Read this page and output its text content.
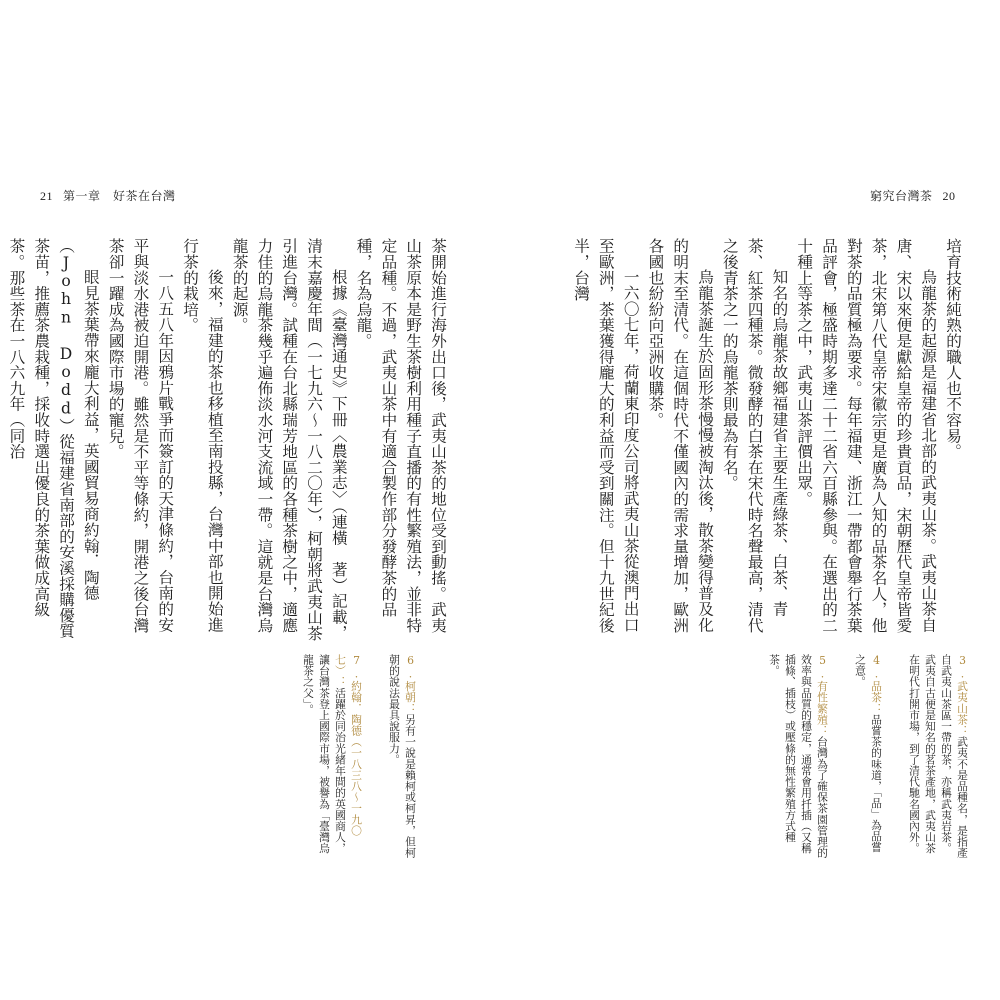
21 第一章　好茶在台灣

茶開始進行海外出口後，武夷山茶的地位受到動搖。武夷山茶原本是野生茶樹利用種子直播的有性繁殖法，並非特定品種。不過，武夷山茶中有適合製作部分發酵茶的品種，名為烏龍。

根據《臺灣通史》下冊〈農業志〉（連橫　著）記載，清末嘉慶年間（一七九六～一八二〇年），柯朝將武夷山茶引進台灣。試種在台北縣瑞芳地區的各種茶樹之中，適應力佳的烏龍茶幾乎遍佈淡水河支流域一帶。這就是台灣烏龍茶的起源。

後來，福建的茶也移植至南投縣，台灣中部也開始進行茶的栽培。

一八五八年因鴉片戰爭而簽訂的天津條約，台南的安平與淡水港被迫開港。雖然是不平等條約，開港之後台灣茶卻一躍成為國際市場的寵兒。

眼見茶葉帶來龐大利益，英國貿易商約翰．陶德（John Dodd）從福建省南部的安溪採購優質茶苗，推薦茶農栽種，採收時選出優良的茶葉做成高級茶。那些茶在一八六九年（同治

6.柯朝：另有一說是賴柯或柯昇，但柯朝的說法最具說服力。

7.約翰．陶德（一八三八～一九〇七）：活躍於同治光緒年間的英國商人，讓台灣茶登上國際市場，被譽為「臺灣烏龍茶之父」。

窮究台灣茶 20

培育技術純熟的職人也不容易。

烏龍茶的起源是福建省北部的武夷山茶。武夷山茶自唐、宋以來便是獻給皇帝的珍貴貢品，宋朝歷代皇帝皆愛茶，北宋第八代皇帝宋徽宗更是廣為人知的品茶名人，他對茶的品質極為要求。每年福建、浙江一帶都會舉行茶葉品評會，極盛時期多達二十二省六百縣參與。在選出的二十種上等茶之中，武夷山茶評價出眾。

知名的烏龍茶故鄉福建省主要生產綠茶、白茶、青茶、紅茶四種茶。微發酵的白茶在宋代時名聲最高，清代之後青茶之一的烏龍茶則最為有名。

烏龍茶誕生於固形茶慢慢被淘汰後，散茶變得普及化的明末至清代。在這個時代不僅國內的需求量增加，歐洲各國也紛紛向亞洲收購茶。

一六〇七年，荷蘭東印度公司將武夷山茶從澳門出口至歐洲，茶葉獲得龐大的利益而受到關注。但十九世紀後半，台灣

3.武夷山茶：武夷不是品種名，是指產自武夷山茶區一帶的茶，亦稱武夷岩茶。武夷自古便是知名的茗茶產地，武夷山茶在明代打開市場，到了清代馳名國內外。

4.品茶：品嘗茶的味道，「品」為品嘗之意。

5.有性繁殖：台灣為了確保茶園管理的效率與品質的穩定，通常會用扦插（又稱插條、插枝）或壓條的無性繁殖方式種茶。
